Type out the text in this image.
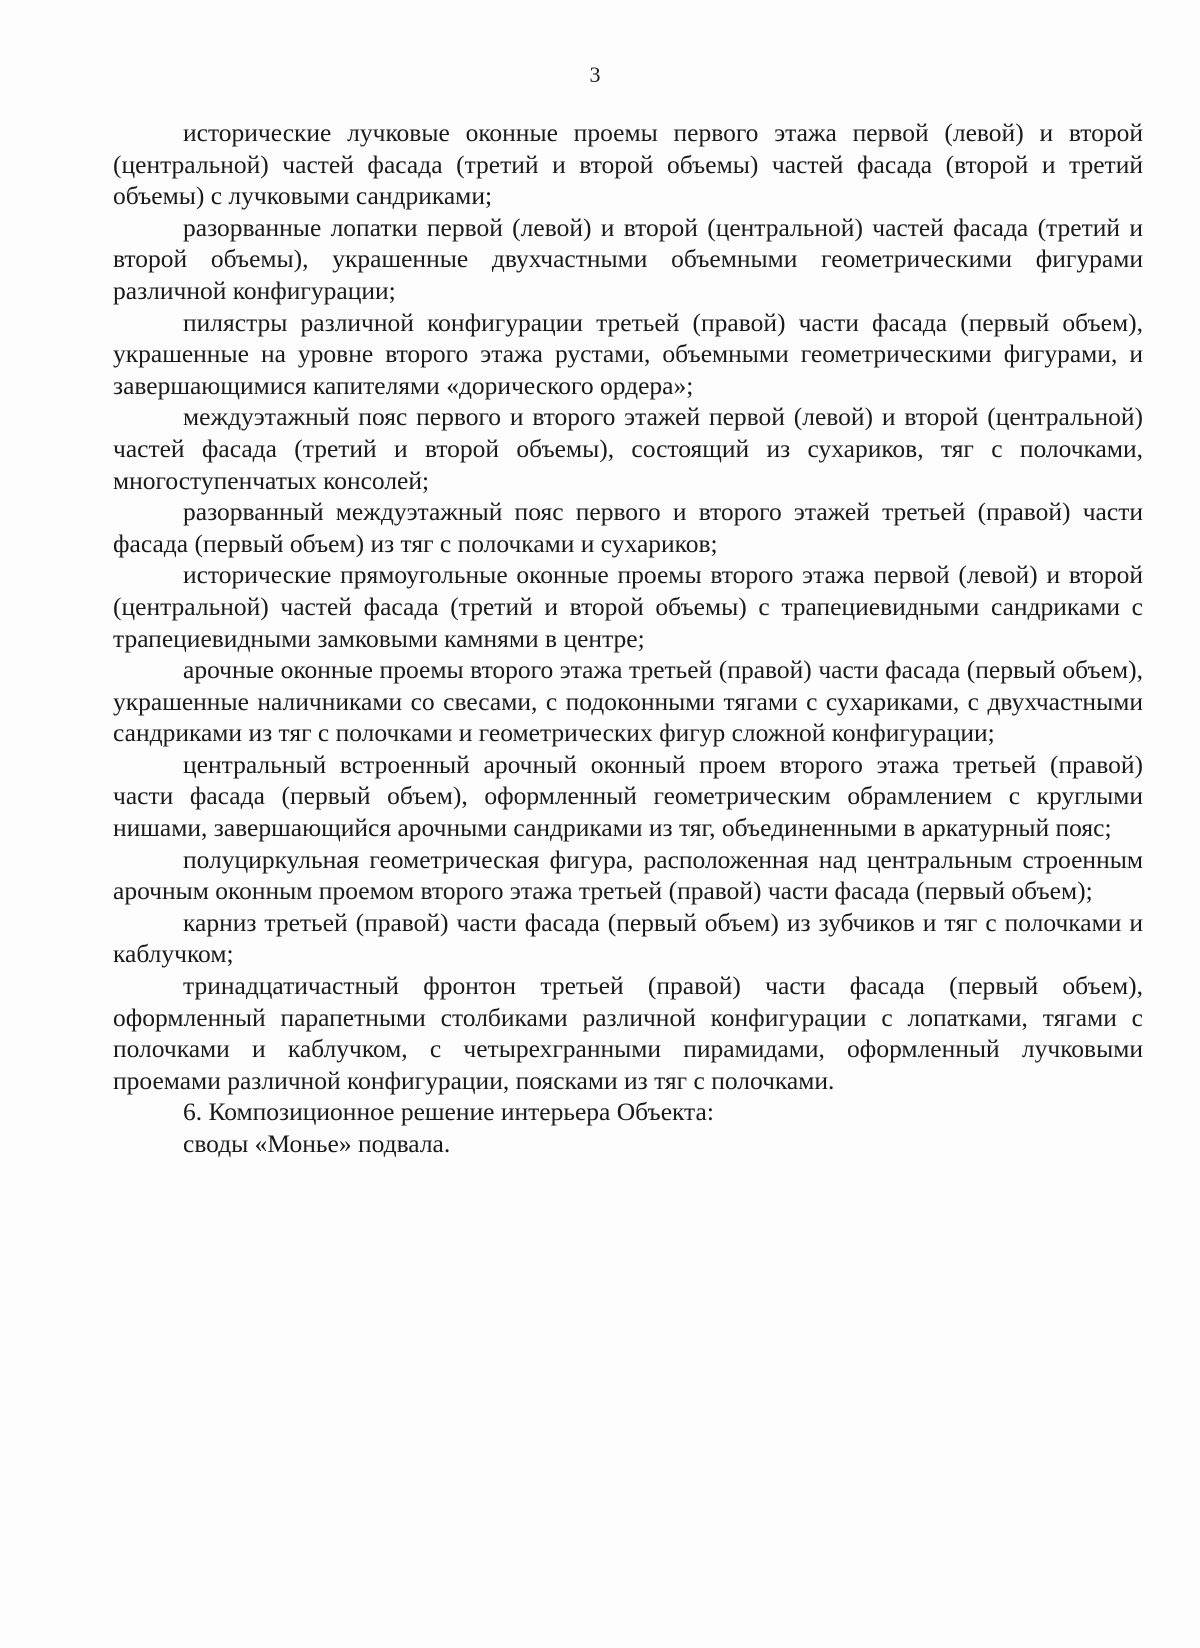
3

исторические лучковые оконные проемы первого этажа первой (левой) и второй (центральной) частей фасада (третий и второй объемы) частей фасада (второй и третий объемы) с лучковыми сандриками;

разорванные лопатки первой (левой) и второй (центральной) частей фасада (третий и второй объемы), украшенные двухчастными объемными геометрическими фигурами различной конфигурации;

пилястры различной конфигурации третьей (правой) части фасада (первый объем), украшенные на уровне второго этажа рустами, объемными геометрическими фигурами, и завершающимися капителями «дорического ордера»;

междуэтажный пояс первого и второго этажей первой (левой) и второй (центральной) частей фасада (третий и второй объемы), состоящий из сухариков, тяг с полочками, многоступенчатых консолей;

разорванный междуэтажный пояс первого и второго этажей третьей (правой) части фасада (первый объем) из тяг с полочками и сухариков;

исторические прямоугольные оконные проемы второго этажа первой (левой) и второй (центральной) частей фасада (третий и второй объемы) с трапециевидными сандриками с трапециевидными замковыми камнями в центре;

арочные оконные проемы второго этажа третьей (правой) части фасада (первый объем), украшенные наличниками со свесами, с подоконными тягами с сухариками, с двухчастными сандриками из тяг с полочками и геометрических фигур сложной конфигурации;

центральный встроенный арочный оконный проем второго этажа третьей (правой) части фасада (первый объем), оформленный геометрическим обрамлением с круглыми нишами, завершающийся арочными сандриками из тяг, объединенными в аркатурный пояс;

полуциркульная геометрическая фигура, расположенная над центральным строенным арочным оконным проемом второго этажа третьей (правой) части фасада (первый объем);

карниз третьей (правой) части фасада (первый объем) из зубчиков и тяг с полочками и каблучком;

тринадцатичастный фронтон третьей (правой) части фасада (первый объем), оформленный парапетными столбиками различной конфигурации с лопатками, тягами с полочками и каблучком, с четырехгранными пирамидами, оформленный лучковыми проемами различной конфигурации, поясками из тяг с полочками.

6. Композиционное решение интерьера Объекта:

своды «Монье» подвала.
